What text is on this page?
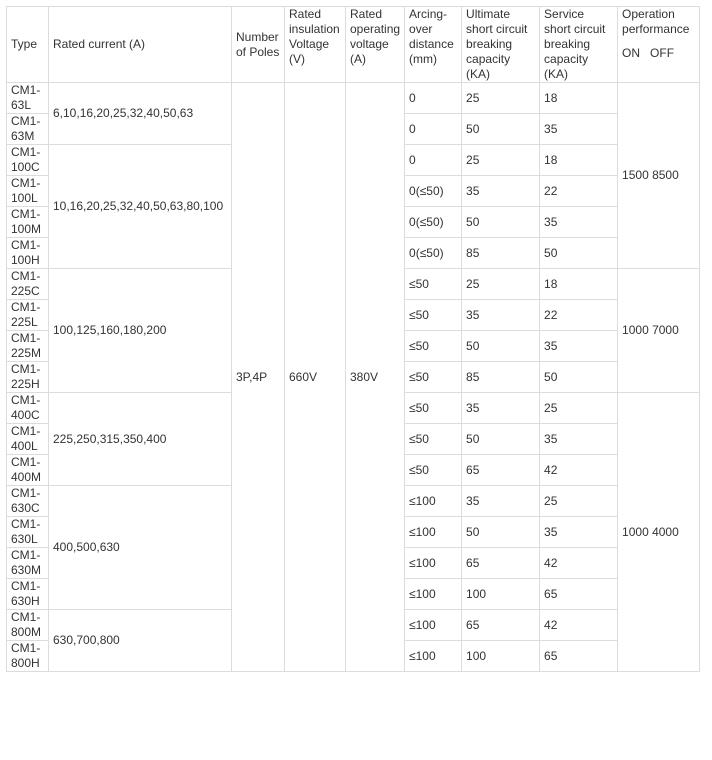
Type	Rated current (A)	Number of Poles	Rated insulation Voltage (V)	Rated operating voltage (A)	Arcing-over distance (mm)	Ultimate short circuit breaking capacity (KA)	Service short circuit breaking capacity (KA)	Operation performance
ON   OFF

CM1-63L	6,10,16,20,25,32,40,50,63	3P,4P	660V	380V	0	25	18	1500 8500
CM1-63M					0	50	35	
CM1-100C	10,16,20,25,32,40,50,63,80,100				0	25	18	
CM1-100L					0(≤50)	35	22	
CM1-100M					0(≤50)	50	35	
CM1-100H					0(≤50)	85	50	
CM1-225C	100,125,160,180,200				≤50	25	18	1000 7000
CM1-225L					≤50	35	22	
CM1-225M					≤50	50	35	
CM1-225H					≤50	85	50	
CM1-400C	225,250,315,350,400				≤50	35	25	1000 4000
CM1-400L					≤50	50	35	
CM1-400M					≤50	65	42	
CM1-630C	400,500,630				≤100	35	25	
CM1-630L					≤100	50	35	
CM1-630M					≤100	65	42	
CM1-630H					≤100	100	65	
CM1-800M	630,700,800				≤100	65	42	
CM1-800H					≤100	100	65	
